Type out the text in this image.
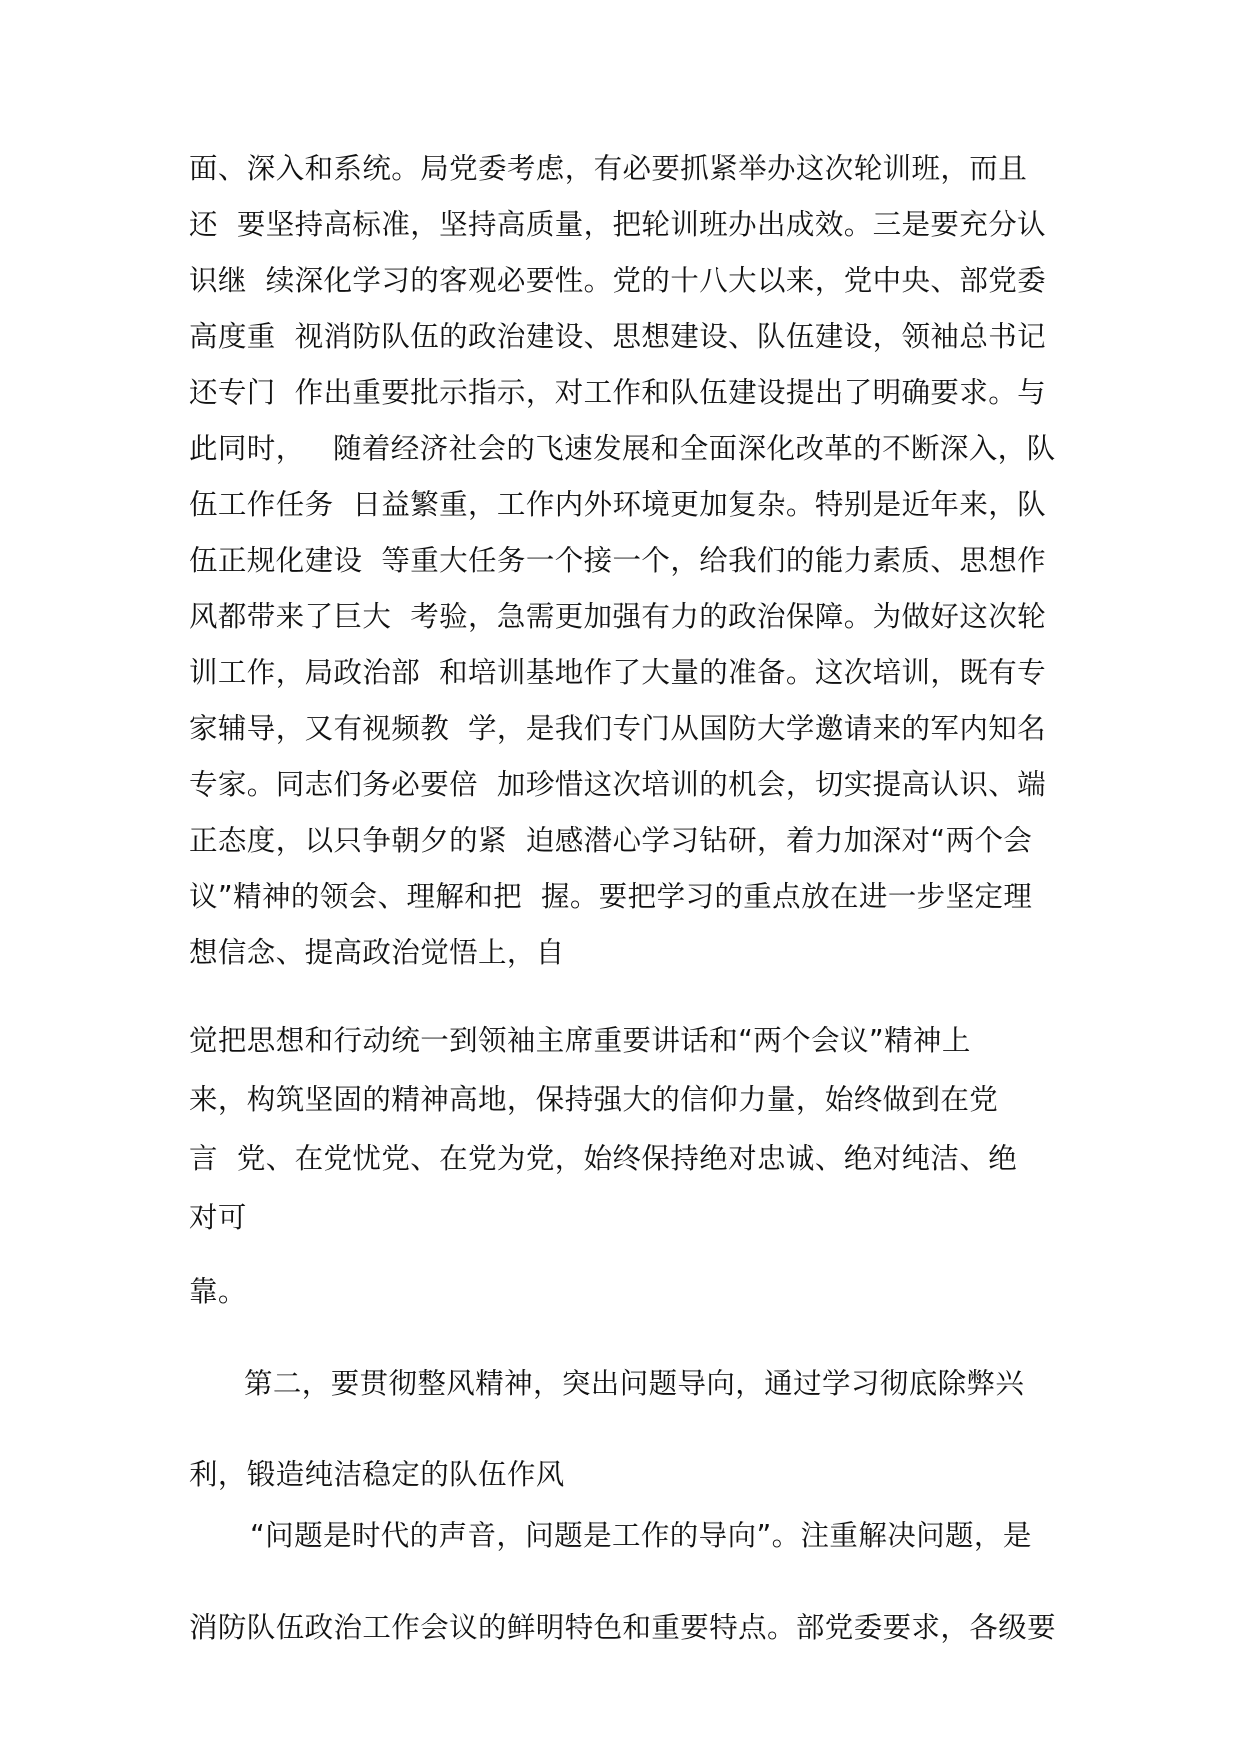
面、深入和系统。局党委考虑，有必要抓紧举办这次轮训班，而且
还  要坚持高标准，坚持高质量，把轮训班办出成效。三是要充分认
识继  续深化学习的客观必要性。党的十八大以来，党中央、部党委
高度重  视消防队伍的政治建设、思想建设、队伍建设，领袖总书记
还专门  作出重要批示指示，对工作和队伍建设提出了明确要求。与
此同时，   随着经济社会的飞速发展和全面深化改革的不断深入，队
伍工作任务  日益繁重，工作内外环境更加复杂。特别是近年来，队
伍正规化建设  等重大任务一个接一个，给我们的能力素质、思想作
风都带来了巨大  考验，急需更加强有力的政治保障。为做好这次轮
训工作，局政治部  和培训基地作了大量的准备。这次培训，既有专
家辅导，又有视频教  学，是我们专门从国防大学邀请来的军内知名
专家。同志们务必要倍  加珍惜这次培训的机会，切实提高认识、端
正态度，以只争朝夕的紧  迫感潜心学习钻研，着力加深对“两个会
议”精神的领会、理解和把  握。要把学习的重点放在进一步坚定理
想信念、提高政治觉悟上，自
觉把思想和行动统一到领袖主席重要讲话和“两个会议”精神上
来，构筑坚固的精神高地，保持强大的信仰力量，始终做到在党
言  党、在党忧党、在党为党，始终保持绝对忠诚、绝对纯洁、绝
对可
靠。
第二，要贯彻整风精神，突出问题导向，通过学习彻底除弊兴
利，锻造纯洁稳定的队伍作风
“问题是时代的声音，问题是工作的导向”。注重解决问题，是
消防队伍政治工作会议的鲜明特色和重要特点。部党委要求，各级要
